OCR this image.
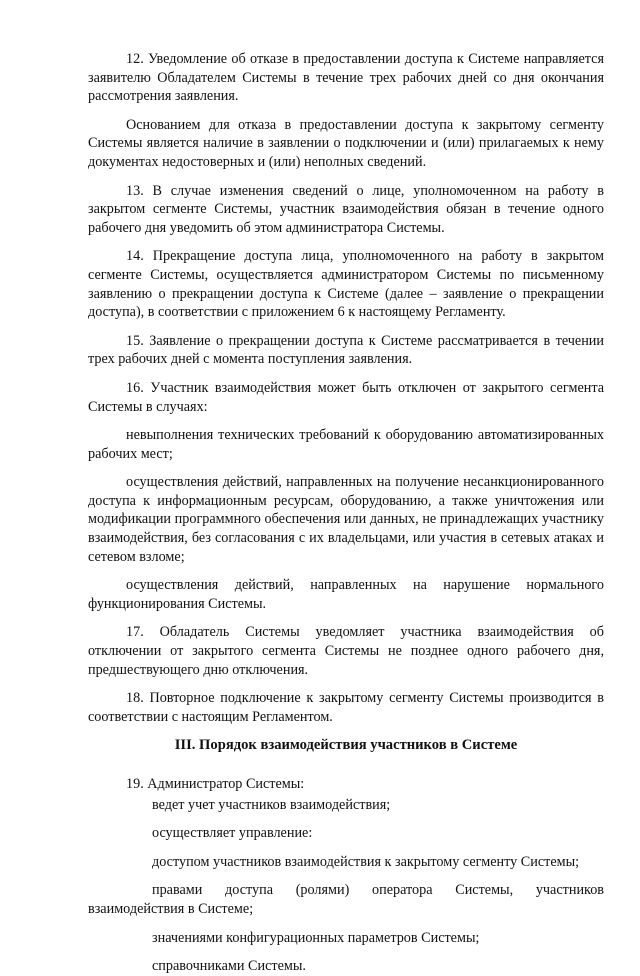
12. Уведомление об отказе в предоставлении доступа к Системе направляется заявителю Обладателем Системы в течение трех рабочих дней со дня окончания рассмотрения заявления.

Основанием для отказа в предоставлении доступа к закрытому сегменту Системы является наличие в заявлении о подключении и (или) прилагаемых к нему документах недостоверных и (или) неполных сведений.

13. В случае изменения сведений о лице, уполномоченном на работу в закрытом сегменте Системы, участник взаимодействия обязан в течение одного рабочего дня уведомить об этом администратора Системы.

14. Прекращение доступа лица, уполномоченного на работу в закрытом сегменте Системы, осуществляется администратором Системы по письменному заявлению о прекращении доступа к Системе (далее – заявление о прекращении доступа), в соответствии с приложением 6 к настоящему Регламенту.

15. Заявление о прекращении доступа к Системе рассматривается в течении трех рабочих дней с момента поступления заявления.

16. Участник взаимодействия может быть отключен от закрытого сегмента Системы в случаях:

невыполнения технических требований к оборудованию автоматизированных рабочих мест;

осуществления действий, направленных на получение несанкционированного доступа к информационным ресурсам, оборудованию, а также уничтожения или модификации программного обеспечения или данных, не принадлежащих участнику взаимодействия, без согласования с их владельцами, или участия в сетевых атаках и сетевом взломе;

осуществления действий, направленных на нарушение нормального функционирования Системы.

17. Обладатель Системы уведомляет участника взаимодействия об отключении от закрытого сегмента Системы не позднее одного рабочего дня, предшествующего дню отключения.

18. Повторное подключение к закрытому сегменту Системы производится в соответствии с настоящим Регламентом.

III. Порядок взаимодействия участников в Системе

19. Администратор Системы:

ведет учет участников взаимодействия;

осуществляет управление:

доступом участников взаимодействия к закрытому сегменту Системы;

правами доступа (ролями) оператора Системы, участников взаимодействия в Системе;

значениями конфигурационных параметров Системы;

справочниками Системы.
